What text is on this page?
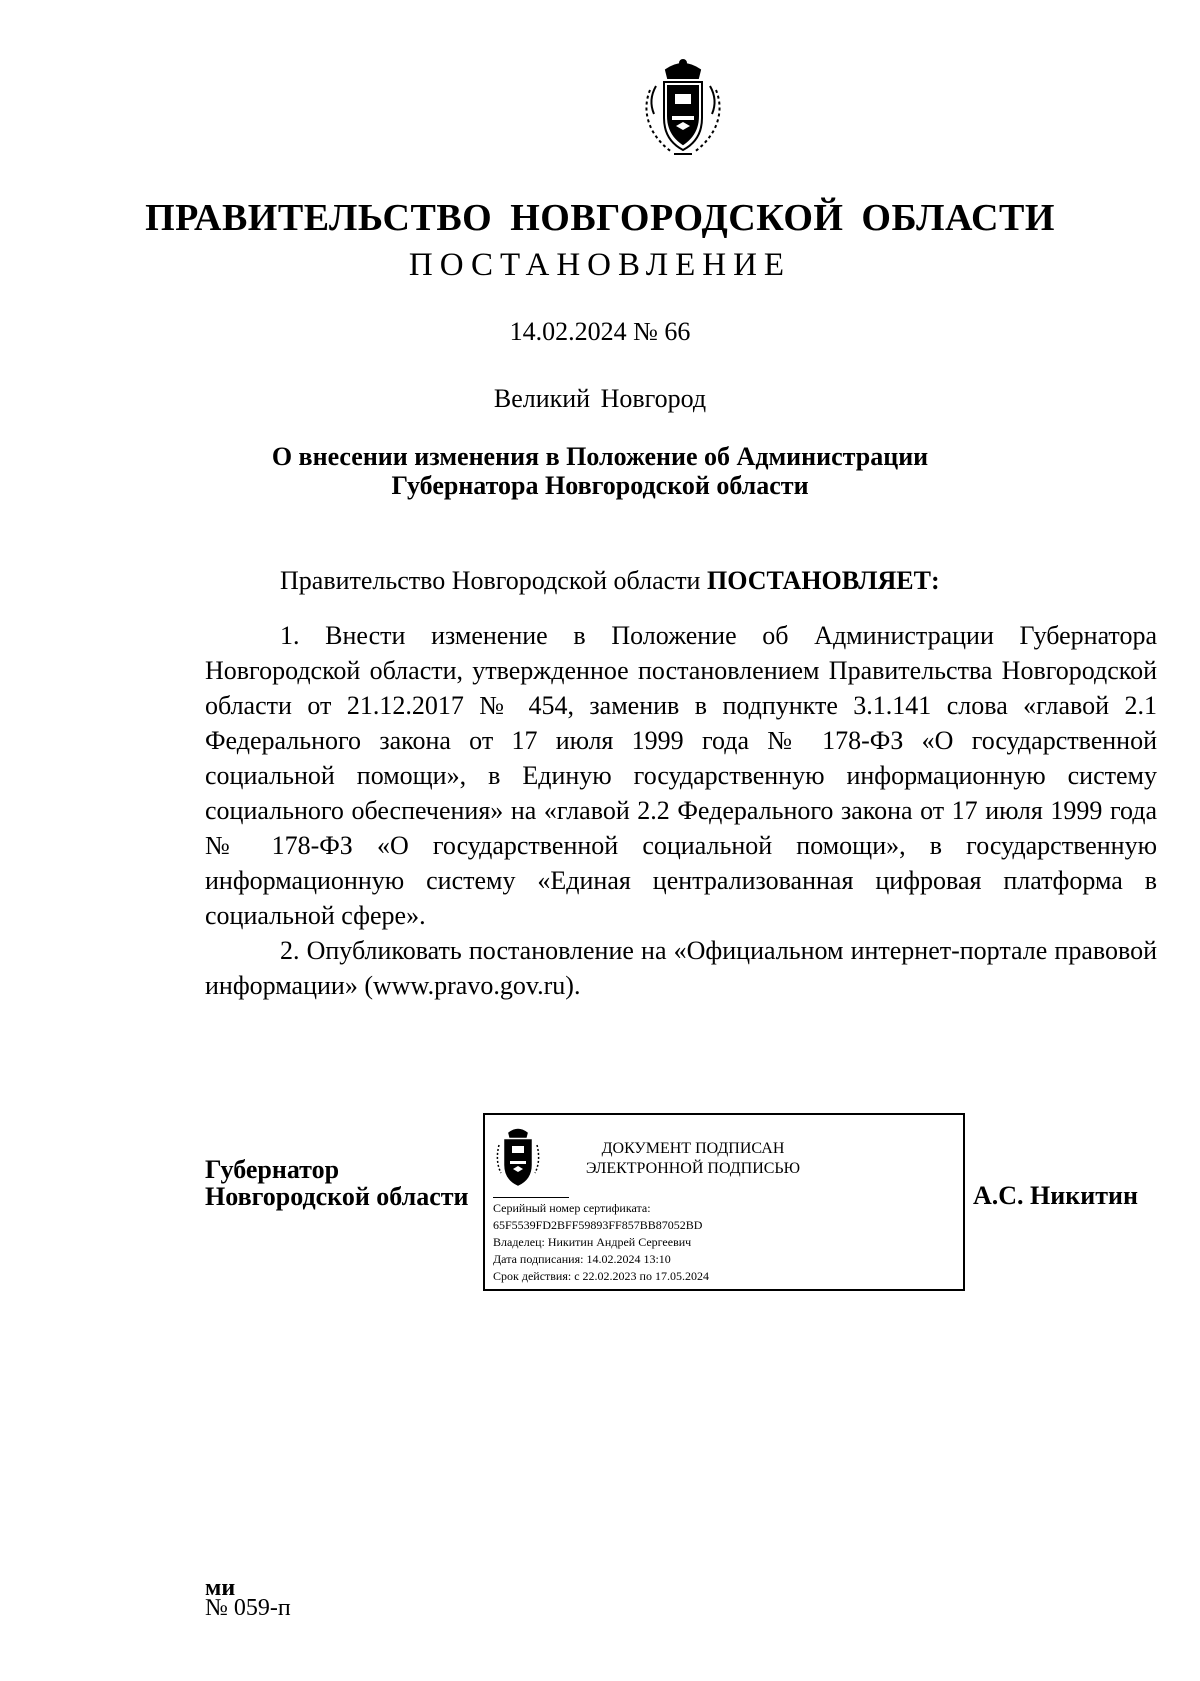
ПРАВИТЕЛЬСТВО НОВГОРОДСКОЙ ОБЛАСТИ
ПОСТАНОВЛЕНИЕ
14.02.2024 № 66
Великий Новгород
О внесении изменения в Положение об Администрации
Губернатора Новгородской области
Правительство Новгородской области ПОСТАНОВЛЯЕТ:

1. Внести изменение в Положение об Администрации Губернатора Новгородской области, утвержденное постановлением Правительства Новгородской области от 21.12.2017 № 454, заменив в подпункте 3.1.141 слова «главой 2.1 Федерального закона от 17 июля 1999 года № 178-ФЗ «О государственной социальной помощи», в Единую государственную информационную систему социального обеспечения» на «главой 2.2 Федерального закона от 17 июля 1999 года № 178-ФЗ «О государственной социальной помощи», в государственную информационную систему «Единая централизованная цифровая платформа в социальной сфере».

2. Опубликовать постановление на «Официальном интернет-портале правовой информации» (www.pravo.gov.ru).

Губернатор
Новгородской области
ДОКУМЕНТ ПОДПИСАН
ЭЛЕКТРОННОЙ ПОДПИСЬЮ
Серийный номер сертификата:
65F5539FD2BFF59893FF857BB87052BD
Владелец: Никитин Андрей Сергеевич
Дата подписания: 14.02.2024 13:10
Срок действия: с 22.02.2023 по 17.05.2024
А.С. Никитин
ми
№ 059-п
